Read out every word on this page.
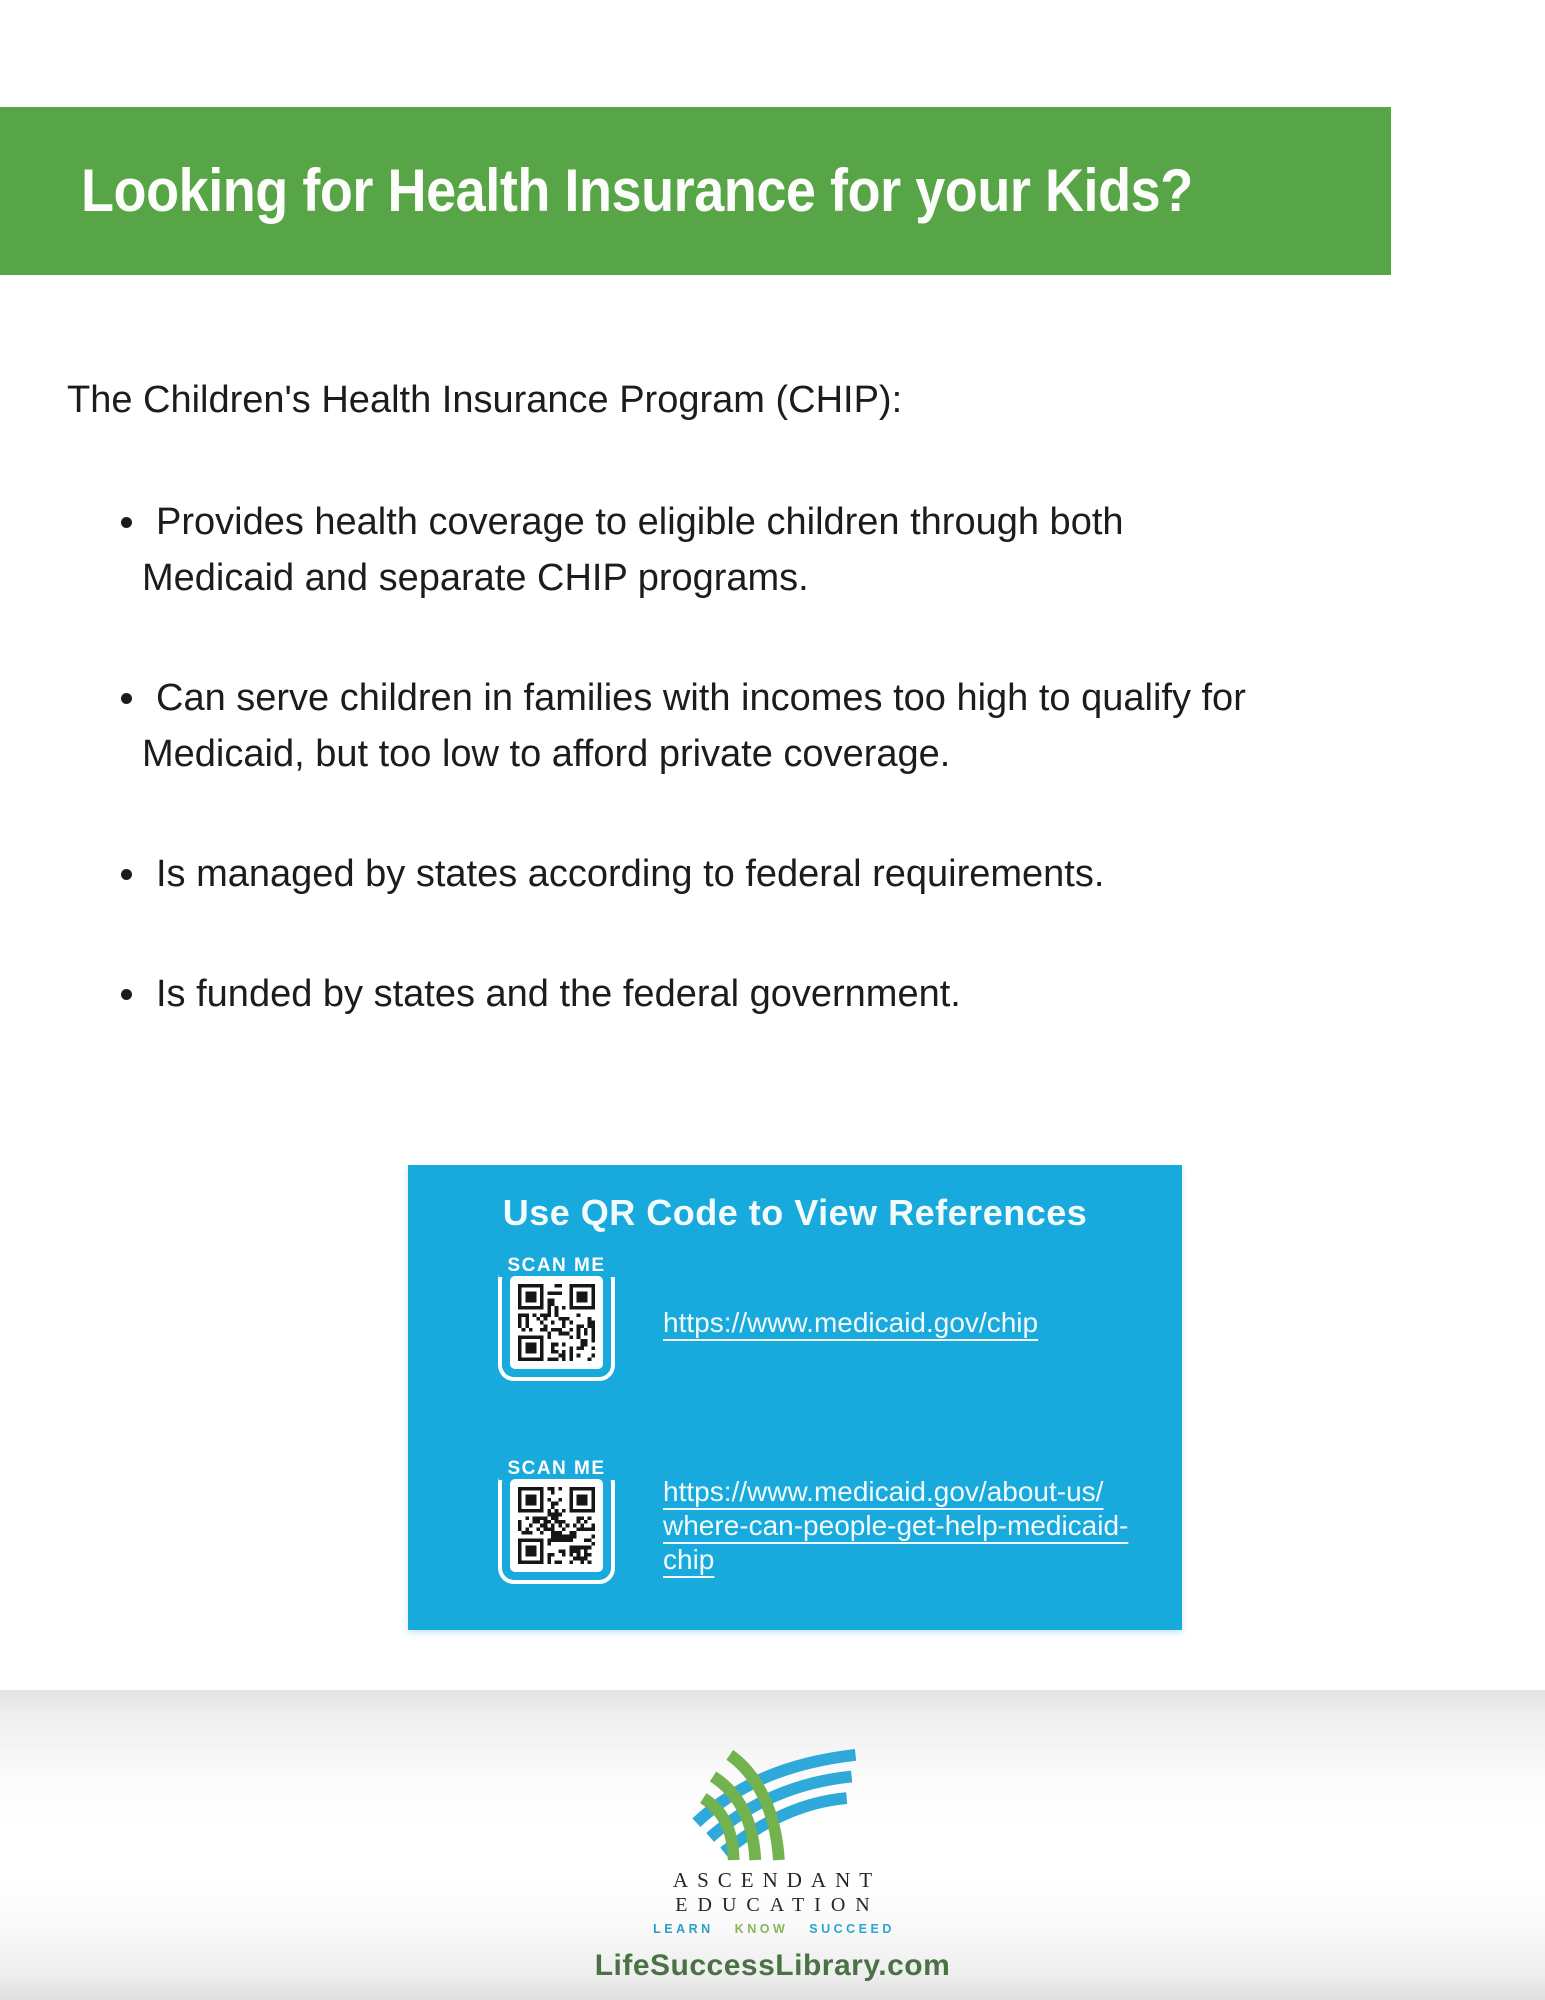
Looking for Health Insurance for your Kids?

The Children's Health Insurance Program (CHIP):

Provides health coverage to eligible children through both Medicaid and separate CHIP programs.
Can serve children in families with incomes too high to qualify for Medicaid, but too low to afford private coverage.
Is managed by states according to federal requirements.
Is funded by states and the federal government.
Use QR Code to View References
SCAN ME
https://www.medicaid.gov/chip
SCAN ME
https://www.medicaid.gov/about-us/
where-can-people-get-help-medicaid-
chip
ASCENDANT
EDUCATION
LEARN KNOW SUCCEED
LifeSuccessLibrary.com
